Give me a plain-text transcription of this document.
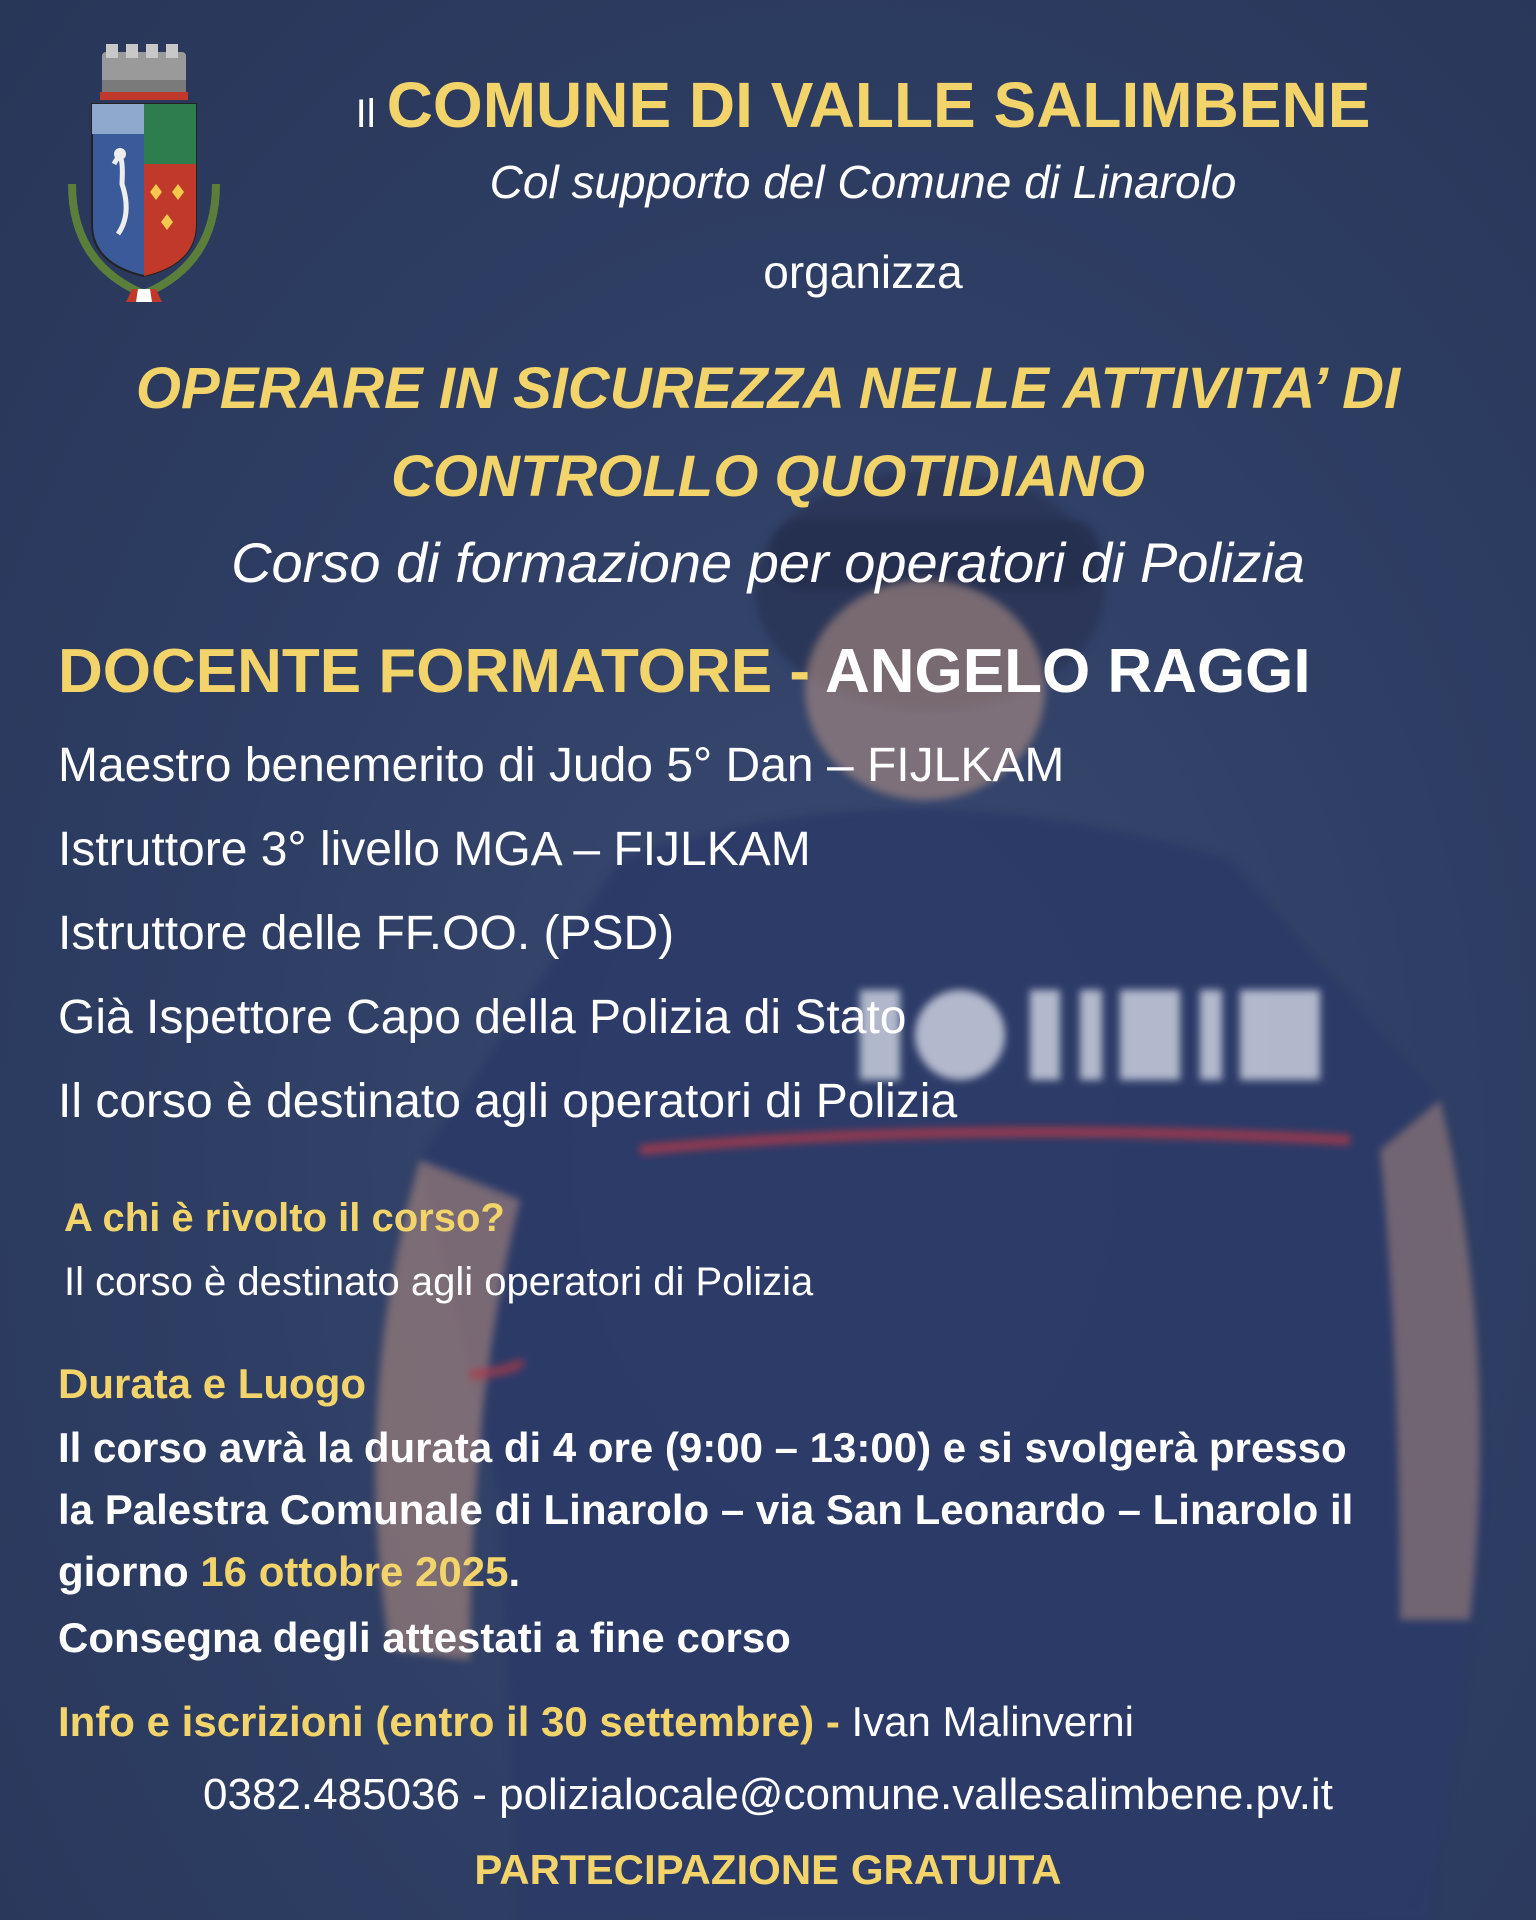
Il COMUNE DI VALLE SALIMBENE

Col supporto del Comune di Linarolo

organizza

OPERARE IN SICUREZZA NELLE ATTIVITA’ DI

CONTROLLO QUOTIDIANO

Corso di formazione per operatori di Polizia

DOCENTE FORMATORE - ANGELO RAGGI

Maestro benemerito di Judo 5° Dan – FIJLKAM

Istruttore 3° livello MGA – FIJLKAM

Istruttore delle FF.OO. (PSD)

Già Ispettore Capo della Polizia di Stato

Il corso è destinato agli operatori di Polizia

A chi è rivolto il corso?

Il corso è destinato agli operatori di Polizia

Durata e Luogo

Il corso avrà la durata di 4 ore (9:00 – 13:00) e si svolgerà presso

la Palestra Comunale di Linarolo – via San Leonardo – Linarolo il

giorno 16 ottobre 2025.

Consegna degli attestati a fine corso

Info e iscrizioni (entro il 30 settembre) - Ivan Malinverni

0382.485036 - polizialocale@comune.vallesalimbene.pv.it

PARTECIPAZIONE GRATUITA
